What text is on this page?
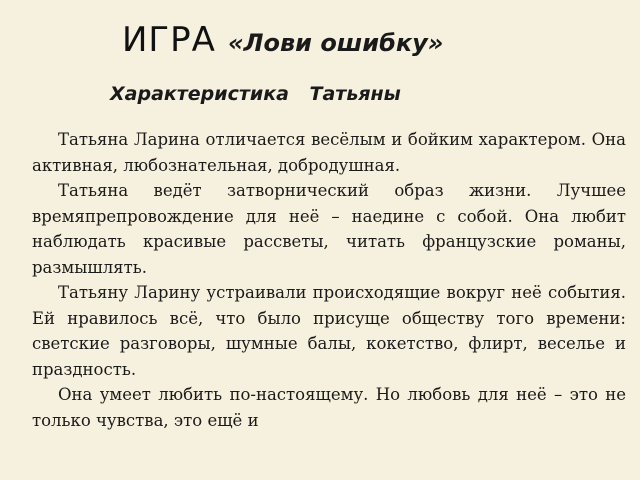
ИГРА «Лови ошибку»
Характеристика Татьяны

Татьяна Ларина отличается весёлым и бойким характером. Она активная, любознательная, добродушная.

Татьяна ведёт затворнический образ жизни. Лучшее времяпрепровождение для неё – наедине с собой. Она любит наблюдать красивые рассветы, читать французские романы, размышлять.

Татьяну Ларину устраивали происходящие вокруг неё события. Ей нравилось всё, что было присуще обществу того времени: светские разговоры, шумные балы, кокетство, флирт, веселье и праздность.

Она умеет любить по-настоящему. Но любовь для неё – это не только чувства, это ещё и
